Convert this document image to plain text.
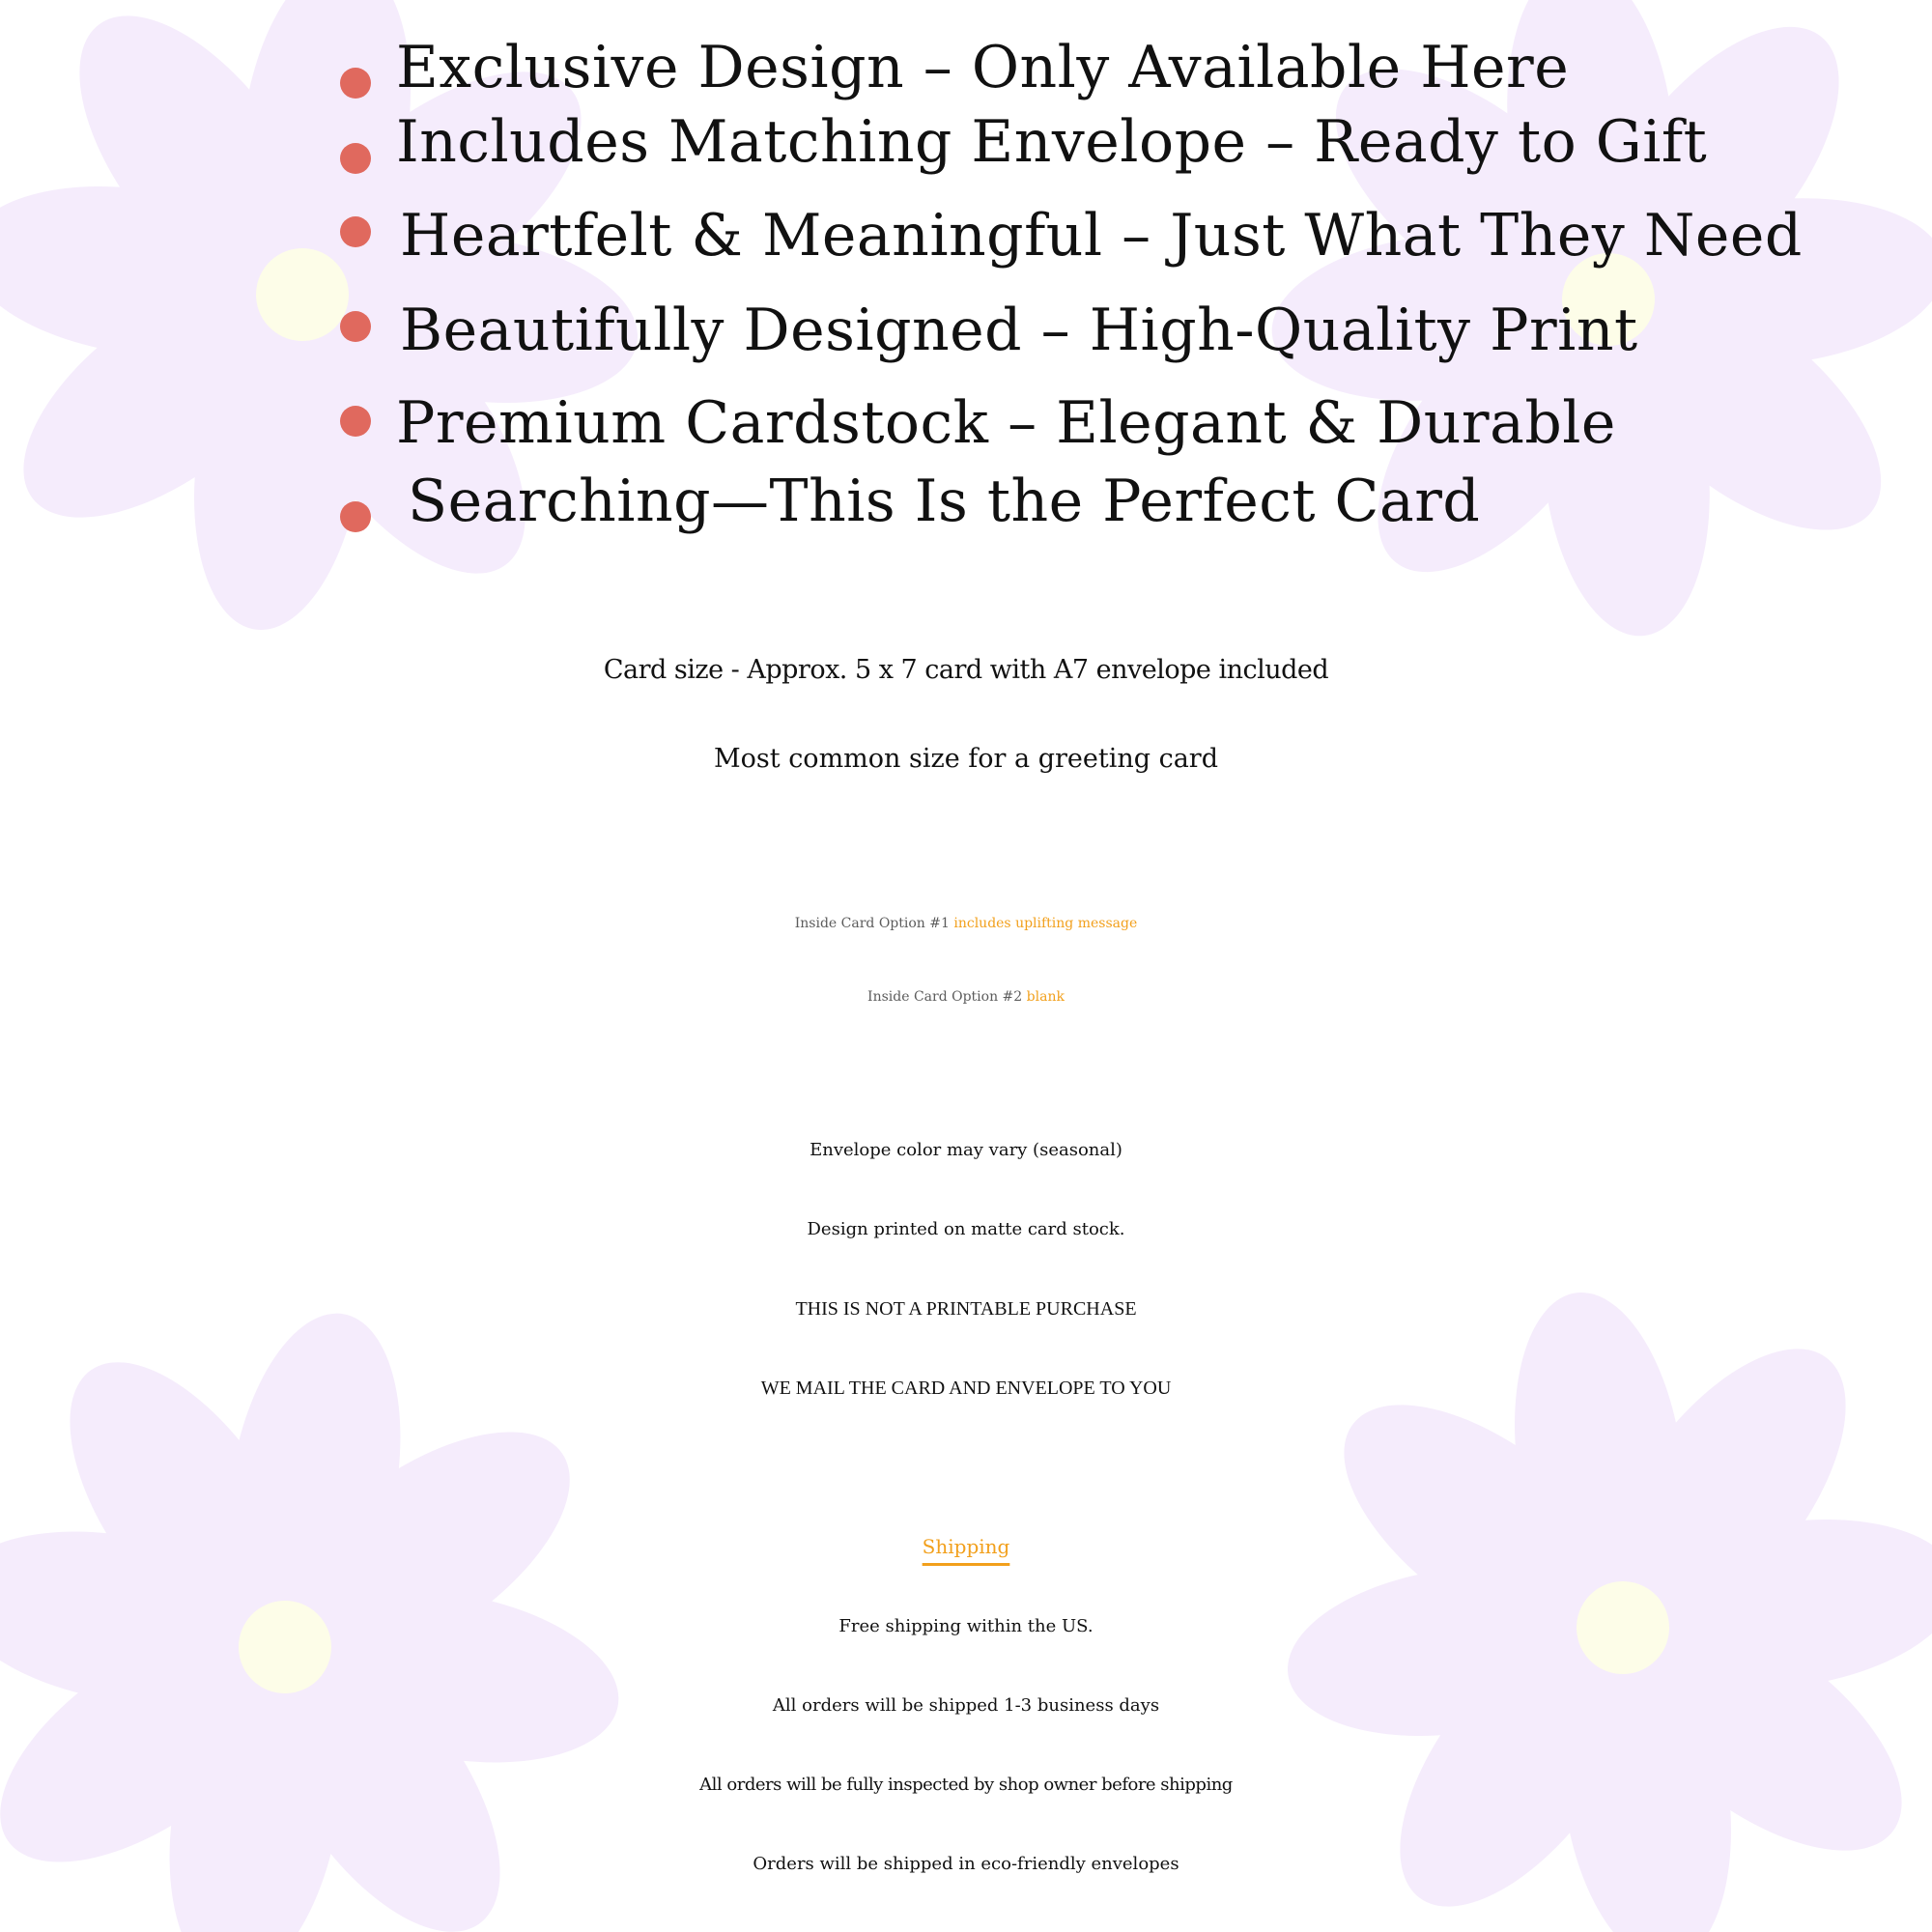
Exclusive Design – Only Available Here
Includes Matching Envelope – Ready to Gift
Heartfelt & Meaningful – Just What They Need
Beautifully Designed – High-Quality Print
Premium Cardstock – Elegant & Durable
Searching—This Is the Perfect Card
Card size - Approx. 5 x 7 card with A7 envelope included
Most common size for a greeting card
Inside Card Option #1 includes uplifting message
Inside Card Option #2 blank
Envelope color may vary (seasonal)
Design printed on matte card stock.
THIS IS NOT A PRINTABLE PURCHASE
WE MAIL THE CARD AND ENVELOPE TO YOU
Shipping
Free shipping within the US.
All orders will be shipped 1-3 business days
All orders will be fully inspected by shop owner before shipping
Orders will be shipped in eco-friendly envelopes
